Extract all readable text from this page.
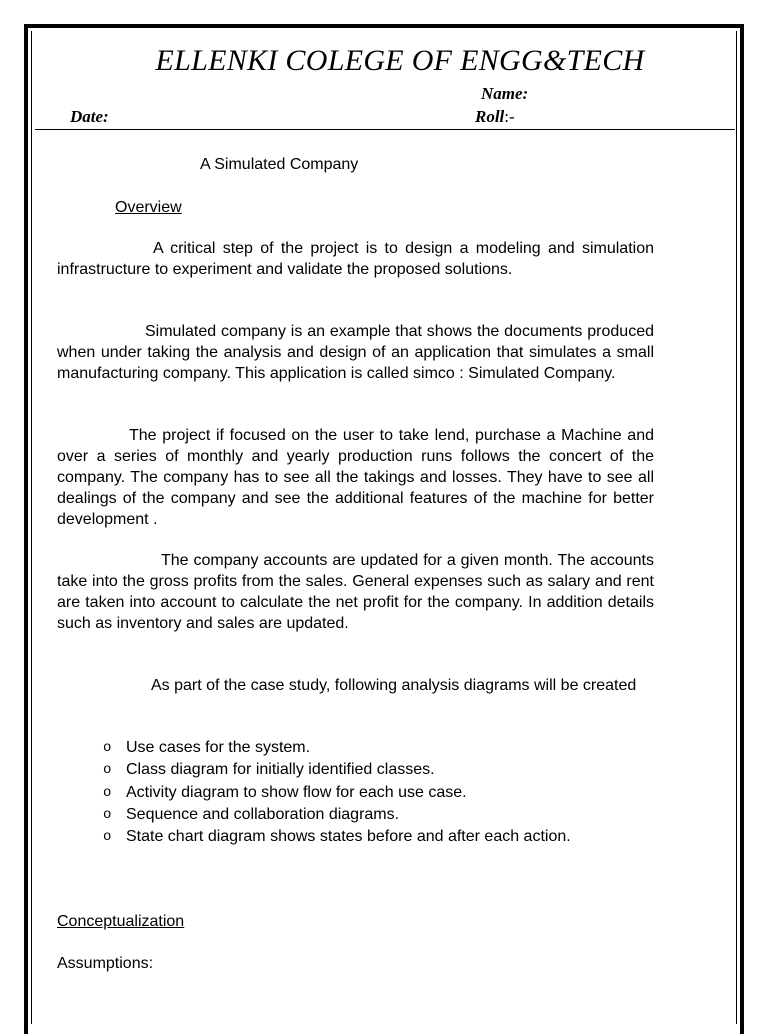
ELLENKI COLEGE OF ENGG&TECH
Name:
Date:	Roll:-
A Simulated Company
Overview

A critical step of the project is to design a modeling and simulation infrastructure to experiment and validate the proposed solutions.

Simulated company is an example that shows the documents produced when under taking the analysis and design of an application that simulates a small manufacturing company. This application is called simco : Simulated Company.

The project if focused on the user to take lend, purchase a Machine and over a series of monthly and yearly production runs follows the concert of the company. The company has to see all the takings and losses. They have to see all dealings of the company and see the additional features of the machine for better development .

The company accounts are updated for a given month. The accounts take into the gross profits from the sales. General expenses such as salary and rent are taken into account to calculate the net profit for the company. In addition details such as inventory and sales are updated.

As part of the case study, following analysis diagrams will be created

o Use cases for the system.
o Class diagram for initially identified classes.
o Activity diagram to show flow for each use case.
o Sequence and collaboration diagrams.
o State chart diagram shows states before and after each action.
Conceptualization
Assumptions:
